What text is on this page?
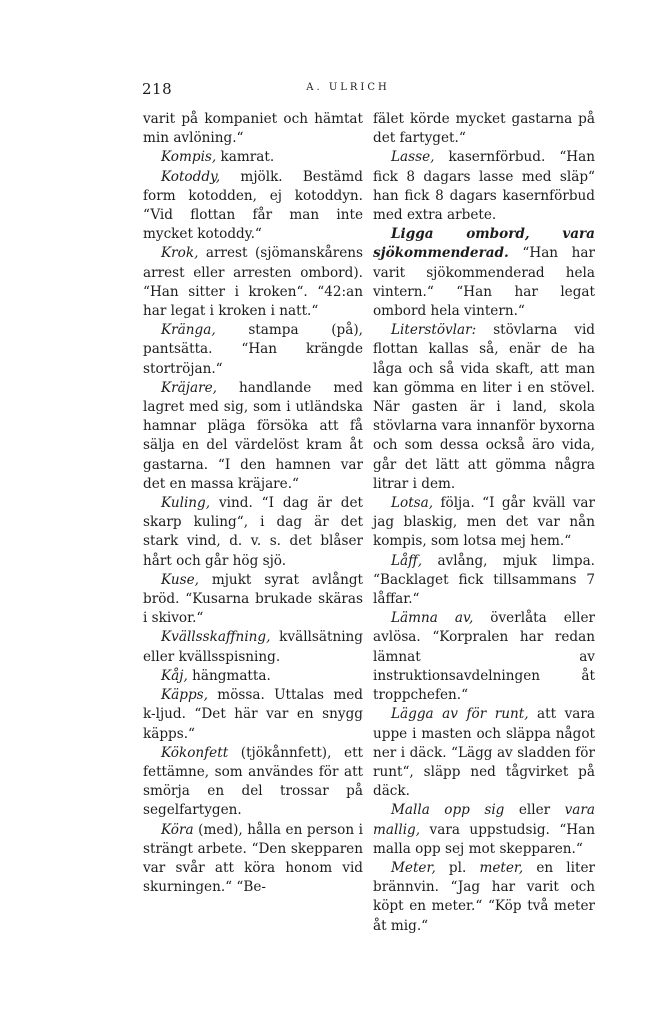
218	A. ULRICH

varit på kompaniet och hämtat min avlöning.“

Kompis, kamrat.

Kotoddy, mjölk. Bestämd form kotodden, ej kotoddyn. “Vid flottan får man inte mycket kotoddy.“

Krok, arrest (sjömanskårens arrest eller arresten ombord). “Han sitter i kroken“. “42:an har legat i kroken i natt.“

Kränga, stampa (på), pantsätta. “Han krängde stortröjan.“

Kräjare, handlande med lagret med sig, som i utländska hamnar pläga försöka att få sälja en del värdelöst kram åt gastarna. “I den hamnen var det en massa kräjare.“

Kuling, vind. “I dag är det skarp kuling“, i dag är det stark vind, d. v. s. det blåser hårt och går hög sjö.

Kuse, mjukt syrat avlångt bröd. “Kusarna brukade skäras i skivor.“

Kvällsskaffning, kvällsätning eller kvällsspisning.

Kåj, hängmatta.

Käpps, mössa. Uttalas med k-ljud. “Det här var en snygg käpps.“

Kökonfett (tjökånnfett), ett fettämne, som användes för att smörja en del trossar på segelfartygen.

Köra (med), hålla en person i strängt arbete. “Den skepparen var svår att köra honom vid skurningen.“ “Be-

fälet körde mycket gastarna på det fartyget.“

Lasse, kasernförbud. “Han fick 8 dagars lasse med släp“ han fick 8 dagars kasernförbud med extra arbete.

Ligga ombord, vara sjökommenderad. “Han har varit sjökommenderad hela vintern.“ “Han har legat ombord hela vintern.“

Literstövlar: stövlarna vid flottan kallas så, enär de ha låga och så vida skaft, att man kan gömma en liter i en stövel. När gasten är i land, skola stövlarna vara innanför byxorna och som dessa också äro vida, går det lätt att gömma några litrar i dem.

Lotsa, följa. “I går kväll var jag blaskig, men det var nån kompis, som lotsa mej hem.“

Låff, avlång, mjuk limpa. “Backlaget fick tillsammans 7 låffar.“

Lämna av, överlåta eller avlösa. “Korpralen har redan lämnat av instruktionsavdelningen åt troppchefen.“

Lägga av för runt, att vara uppe i masten och släppa något ner i däck. “Lägg av sladden för runt“, släpp ned tågvirket på däck.

Malla opp sig eller vara mallig, vara uppstudsig. “Han malla opp sej mot skepparen.“

Meter, pl. meter, en liter brännvin. “Jag har varit och köpt en meter.“ “Köp två meter åt mig.“
